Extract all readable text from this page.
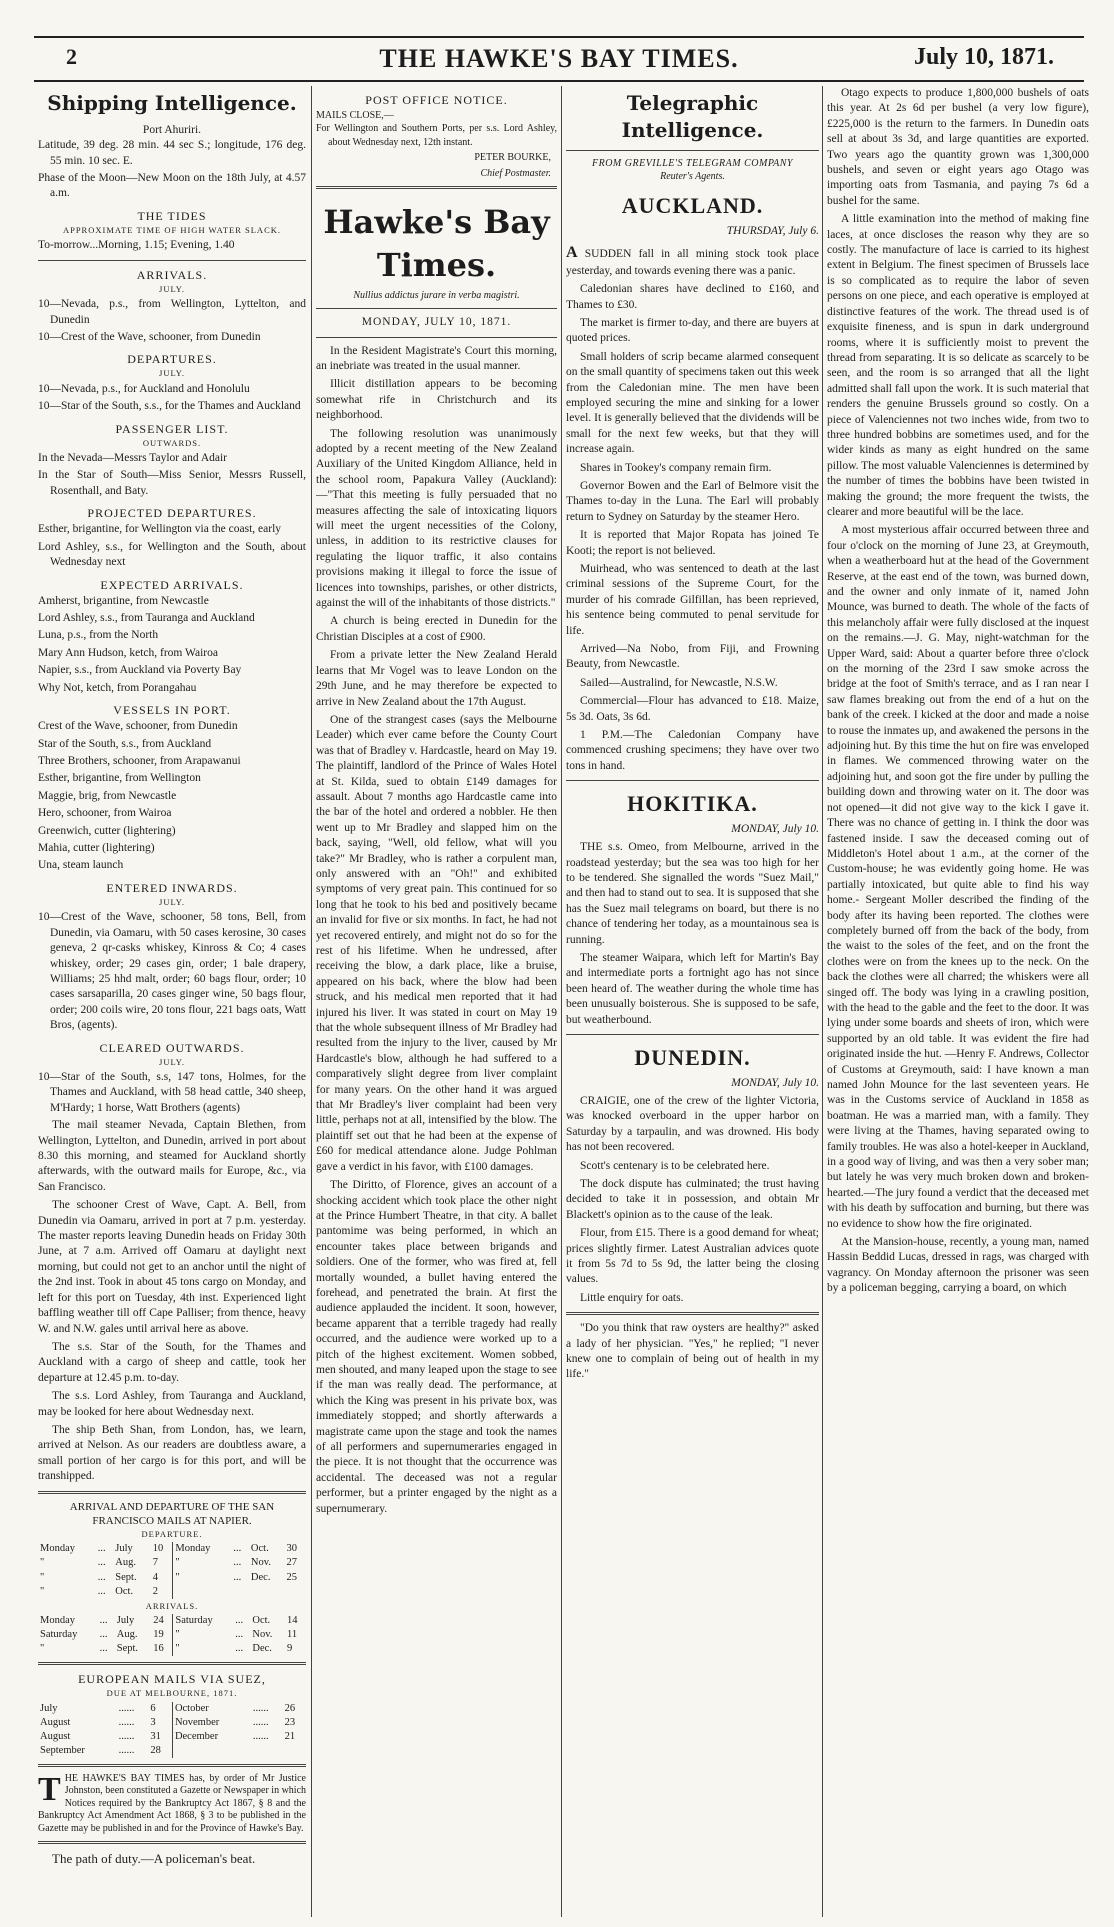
2	THE HAWKE'S BAY TIMES.	July 10, 1871.
Shipping Intelligence.
Port Ahuriri.
Latitude, 39 deg. 28 min. 44 sec S.; longitude, 176 deg. 55 min. 10 sec. E.
Phase of the Moon—New Moon on the 18th July, at 4.57 a.m.
THE TIDES
APPROXIMATE TIME OF HIGH WATER SLACK.
To-morrow...Morning, 1.15; Evening, 1.40
ARRIVALS.
JULY.
10—Nevada, p.s., from Wellington, Lyttelton, and Dunedin
10—Crest of the Wave, schooner, from Dunedin
DEPARTURES.
JULY.
10—Nevada, p.s., for Auckland and Honolulu
10—Star of the South, s.s., for the Thames and Auckland
PASSENGER LIST.
OUTWARDS.
In the Nevada—Messrs Taylor and Adair
In the Star of South—Miss Senior, Messrs Russell, Rosenthall, and Baty.
PROJECTED DEPARTURES.
Esther, brigantine, for Wellington via the coast, early
Lord Ashley, s.s., for Wellington and the South, about Wednesday next
EXPECTED ARRIVALS.
Amherst, brigantine, from Newcastle
Lord Ashley, s.s., from Tauranga and Auckland
Luna, p.s., from the North
Mary Ann Hudson, ketch, from Wairoa
Napier, s.s., from Auckland via Poverty Bay
Why Not, ketch, from Porangahau
VESSELS IN PORT.
Crest of the Wave, schooner, from Dunedin
Star of the South, s.s., from Auckland
Three Brothers, schooner, from Arapawanui
Esther, brigantine, from Wellington
Maggie, brig, from Newcastle
Hero, schooner, from Wairoa
Greenwich, cutter (lightering)
Mahia, cutter (lightering)
Una, steam launch
ENTERED INWARDS.
JULY.
10—Crest of the Wave, schooner, 58 tons, Bell, from Dunedin, via Oamaru, with 50 cases kerosine, 30 cases geneva, 2 qr-casks whiskey, Kinross & Co; 4 cases whiskey, order; 29 cases gin, order; 1 bale drapery, Williams; 25 hhd malt, order; 60 bags flour, order; 10 cases sarsaparilla, 20 cases ginger wine, 50 bags flour, order; 200 coils wire, 20 tons flour, 221 bags oats, Watt Bros, (agents).
CLEARED OUTWARDS.
JULY.
10—Star of the South, s.s, 147 tons, Holmes, for the Thames and Auckland, with 58 head cattle, 340 sheep, M'Hardy; 1 horse, Watt Brothers (agents)

The mail steamer Nevada, Captain Blethen, from Wellington, Lyttelton, and Dunedin, arrived in port about 8.30 this morning, and steamed for Auckland shortly afterwards, with the outward mails for Europe, &c., via San Francisco.

The schooner Crest of Wave, Capt. A. Bell, from Dunedin via Oamaru, arrived in port at 7 p.m. yesterday. The master reports leaving Dunedin heads on Friday 30th June, at 7 a.m. Arrived off Oamaru at daylight next morning, but could not get to an anchor until the night of the 2nd inst. Took in about 45 tons cargo on Monday, and left for this port on Tuesday, 4th inst. Experienced light baffling weather till off Cape Palliser; from thence, heavy W. and N.W. gales until arrival here as above.

The s.s. Star of the South, for the Thames and Auckland with a cargo of sheep and cattle, took her departure at 12.45 p.m. to-day.

The s.s. Lord Ashley, from Tauranga and Auckland, may be looked for here about Wednesday next.

The ship Beth Shan, from London, has, we learn, arrived at Nelson. As our readers are doubtless aware, a small portion of her cargo is for this port, and will be transhipped.

ARRIVAL AND DEPARTURE OF THE SAN FRANCISCO MAILS AT NAPIER.
DEPARTURE.
Monday	...	July	10	Monday	...	Oct.	30
"	...	Aug.	7	"	...	Nov.	27
"	...	Sept.	4	"	...	Dec.	25
"	...	Oct.	2				
ARRIVALS.
Monday	...	July	24	Saturday	...	Oct.	14
Saturday	...	Aug.	19	"	...	Nov.	11
"	...	Sept.	16	"	...	Dec.	9
EUROPEAN MAILS VIA SUEZ,
DUE AT MELBOURNE, 1871.
July	......	6	October	......	26
August	......	3	November	......	23
August	......	31	December	......	21
September	......	28			
THE HAWKE'S BAY TIMES has, by order of Mr Justice Johnston, been constituted a Gazette or Newspaper in which Notices required by the Bankruptcy Act 1867, § 8 and the Bankruptcy Act Amendment Act 1868, § 3 to be published in the Gazette may be published in and for the Province of Hawke's Bay.

The path of duty.—A policeman's beat.

POST OFFICE NOTICE.
MAILS CLOSE,—
For Wellington and Southern Ports, per s.s. Lord Ashley, about Wednesday next, 12th instant.
PETER BOURKE,
Chief Postmaster.
Hawke's Bay Times.
Nullius addictus jurare in verba magistri.
MONDAY, JULY 10, 1871.

In the Resident Magistrate's Court this morning, an inebriate was treated in the usual manner.

Illicit distillation appears to be becoming somewhat rife in Christchurch and its neighborhood.

The following resolution was unanimously adopted by a recent meeting of the New Zealand Auxiliary of the United Kingdom Alliance, held in the school room, Papakura Valley (Auckland):—"That this meeting is fully persuaded that no measures affecting the sale of intoxicating liquors will meet the urgent necessities of the Colony, unless, in addition to its restrictive clauses for regulating the liquor traffic, it also contains provisions making it illegal to force the issue of licences into townships, parishes, or other districts, against the will of the inhabitants of those districts."

A church is being erected in Dunedin for the Christian Disciples at a cost of £900.

From a private letter the New Zealand Herald learns that Mr Vogel was to leave London on the 29th June, and he may therefore be expected to arrive in New Zealand about the 17th August.

One of the strangest cases (says the Melbourne Leader) which ever came before the County Court was that of Bradley v. Hardcastle, heard on May 19. The plaintiff, landlord of the Prince of Wales Hotel at St. Kilda, sued to obtain £149 damages for assault. About 7 months ago Hardcastle came into the bar of the hotel and ordered a nobbler. He then went up to Mr Bradley and slapped him on the back, saying, "Well, old fellow, what will you take?" Mr Bradley, who is rather a corpulent man, only answered with an "Oh!" and exhibited symptoms of very great pain. This continued for so long that he took to his bed and positively became an invalid for five or six months. In fact, he had not yet recovered entirely, and might not do so for the rest of his lifetime. When he undressed, after receiving the blow, a dark place, like a bruise, appeared on his back, where the blow had been struck, and his medical men reported that it had injured his liver. It was stated in court on May 19 that the whole subsequent illness of Mr Bradley had resulted from the injury to the liver, caused by Mr Hardcastle's blow, although he had suffered to a comparatively slight degree from liver complaint for many years. On the other hand it was argued that Mr Bradley's liver complaint had been very little, perhaps not at all, intensified by the blow. The plaintiff set out that he had been at the expense of £60 for medical attendance alone. Judge Pohlman gave a verdict in his favor, with £100 damages.

The Diritto, of Florence, gives an account of a shocking accident which took place the other night at the Prince Humbert Theatre, in that city. A ballet pantomime was being performed, in which an encounter takes place between brigands and soldiers. One of the former, who was fired at, fell mortally wounded, a bullet having entered the forehead, and penetrated the brain. At first the audience applauded the incident. It soon, however, became apparent that a terrible tragedy had really occurred, and the audience were worked up to a pitch of the highest excitement. Women sobbed, men shouted, and many leaped upon the stage to see if the man was really dead. The performance, at which the King was present in his private box, was immediately stopped; and shortly afterwards a magistrate came upon the stage and took the names of all performers and supernumeraries engaged in the piece. It is not thought that the occurrence was accidental. The deceased was not a regular performer, but a printer engaged by the night as a supernumerary.

Telegraphic Intelligence.
FROM GREVILLE'S TELEGRAM COMPANY
Reuter's Agents.
AUCKLAND.
THURSDAY, July 6.

A SUDDEN fall in all mining stock took place yesterday, and towards evening there was a panic.

Caledonian shares have declined to £160, and Thames to £30.

The market is firmer to-day, and there are buyers at quoted prices.

Small holders of scrip became alarmed consequent on the small quantity of specimens taken out this week from the Caledonian mine. The men have been employed securing the mine and sinking for a lower level. It is generally believed that the dividends will be small for the next few weeks, but that they will increase again.

Shares in Tookey's company remain firm.

Governor Bowen and the Earl of Belmore visit the Thames to-day in the Luna. The Earl will probably return to Sydney on Saturday by the steamer Hero.

It is reported that Major Ropata has joined Te Kooti; the report is not believed.

Muirhead, who was sentenced to death at the last criminal sessions of the Supreme Court, for the murder of his comrade Gilfillan, has been reprieved, his sentence being commuted to penal servitude for life.

Arrived—Na Nobo, from Fiji, and Frowning Beauty, from Newcastle.

Sailed—Australind, for Newcastle, N.S.W.

Commercial—Flour has advanced to £18. Maize, 5s 3d. Oats, 3s 6d.

1 P.M.—The Caledonian Company have commenced crushing specimens; they have over two tons in hand.

HOKITIKA.
MONDAY, July 10.

THE s.s. Omeo, from Melbourne, arrived in the roadstead yesterday; but the sea was too high for her to be tendered. She signalled the words "Suez Mail," and then had to stand out to sea. It is supposed that she has the Suez mail telegrams on board, but there is no chance of tendering her today, as a mountainous sea is running.

The steamer Waipara, which left for Martin's Bay and intermediate ports a fortnight ago has not since been heard of. The weather during the whole time has been unusually boisterous. She is supposed to be safe, but weatherbound.

DUNEDIN.
MONDAY, July 10.

CRAIGIE, one of the crew of the lighter Victoria, was knocked overboard in the upper harbor on Saturday by a tarpaulin, and was drowned. His body has not been recovered.

Scott's centenary is to be celebrated here.

The dock dispute has culminated; the trust having decided to take it in possession, and obtain Mr Blackett's opinion as to the cause of the leak.

Flour, from £15. There is a good demand for wheat; prices slightly firmer. Latest Australian advices quote it from 5s 7d to 5s 9d, the latter being the closing values.

Little enquiry for oats.

"Do you think that raw oysters are healthy?" asked a lady of her physician. "Yes," he replied; "I never knew one to complain of being out of health in my life."

Otago expects to produce 1,800,000 bushels of oats this year. At 2s 6d per bushel (a very low figure), £225,000 is the return to the farmers. In Dunedin oats sell at about 3s 3d, and large quantities are exported. Two years ago the quantity grown was 1,300,000 bushels, and seven or eight years ago Otago was importing oats from Tasmania, and paying 7s 6d a bushel for the same.

A little examination into the method of making fine laces, at once discloses the reason why they are so costly. The manufacture of lace is carried to its highest extent in Belgium. The finest specimen of Brussels lace is so complicated as to require the labor of seven persons on one piece, and each operative is employed at distinctive features of the work. The thread used is of exquisite fineness, and is spun in dark underground rooms, where it is sufficiently moist to prevent the thread from separating. It is so delicate as scarcely to be seen, and the room is so arranged that all the light admitted shall fall upon the work. It is such material that renders the genuine Brussels ground so costly. On a piece of Valenciennes not two inches wide, from two to three hundred bobbins are sometimes used, and for the wider kinds as many as eight hundred on the same pillow. The most valuable Valenciennes is determined by the number of times the bobbins have been twisted in making the ground; the more frequent the twists, the clearer and more beautiful will be the lace.

A most mysterious affair occurred between three and four o'clock on the morning of June 23, at Greymouth, when a weatherboard hut at the head of the Government Reserve, at the east end of the town, was burned down, and the owner and only inmate of it, named John Mounce, was burned to death. The whole of the facts of this melancholy affair were fully disclosed at the inquest on the remains.—J. G. May, night-watchman for the Upper Ward, said: About a quarter before three o'clock on the morning of the 23rd I saw smoke across the bridge at the foot of Smith's terrace, and as I ran near I saw flames breaking out from the end of a hut on the bank of the creek. I kicked at the door and made a noise to rouse the inmates up, and awakened the persons in the adjoining hut. By this time the hut on fire was enveloped in flames. We commenced throwing water on the adjoining hut, and soon got the fire under by pulling the building down and throwing water on it. The door was not opened—it did not give way to the kick I gave it. There was no chance of getting in. I think the door was fastened inside. I saw the deceased coming out of Middleton's Hotel about 1 a.m., at the corner of the Custom-house; he was evidently going home. He was partially intoxicated, but quite able to find his way home.- Sergeant Moller described the finding of the body after its having been reported. The clothes were completely burned off from the back of the body, from the waist to the soles of the feet, and on the front the clothes were on from the knees up to the neck. On the back the clothes were all charred; the whiskers were all singed off. The body was lying in a crawling position, with the head to the gable and the feet to the door. It was lying under some boards and sheets of iron, which were supported by an old table. It was evident the fire had originated inside the hut. —Henry F. Andrews, Collector of Customs at Greymouth, said: I have known a man named John Mounce for the last seventeen years. He was in the Customs service of Auckland in 1858 as boatman. He was a married man, with a family. They were living at the Thames, having separated owing to family troubles. He was also a hotel-keeper in Auckland, in a good way of living, and was then a very sober man; but lately he was very much broken down and broken-hearted.—The jury found a verdict that the deceased met with his death by suffocation and burning, but there was no evidence to show how the fire originated.

At the Mansion-house, recently, a young man, named Hassin Beddid Lucas, dressed in rags, was charged with vagrancy. On Monday afternoon the prisoner was seen by a policeman begging, carrying a board, on which
